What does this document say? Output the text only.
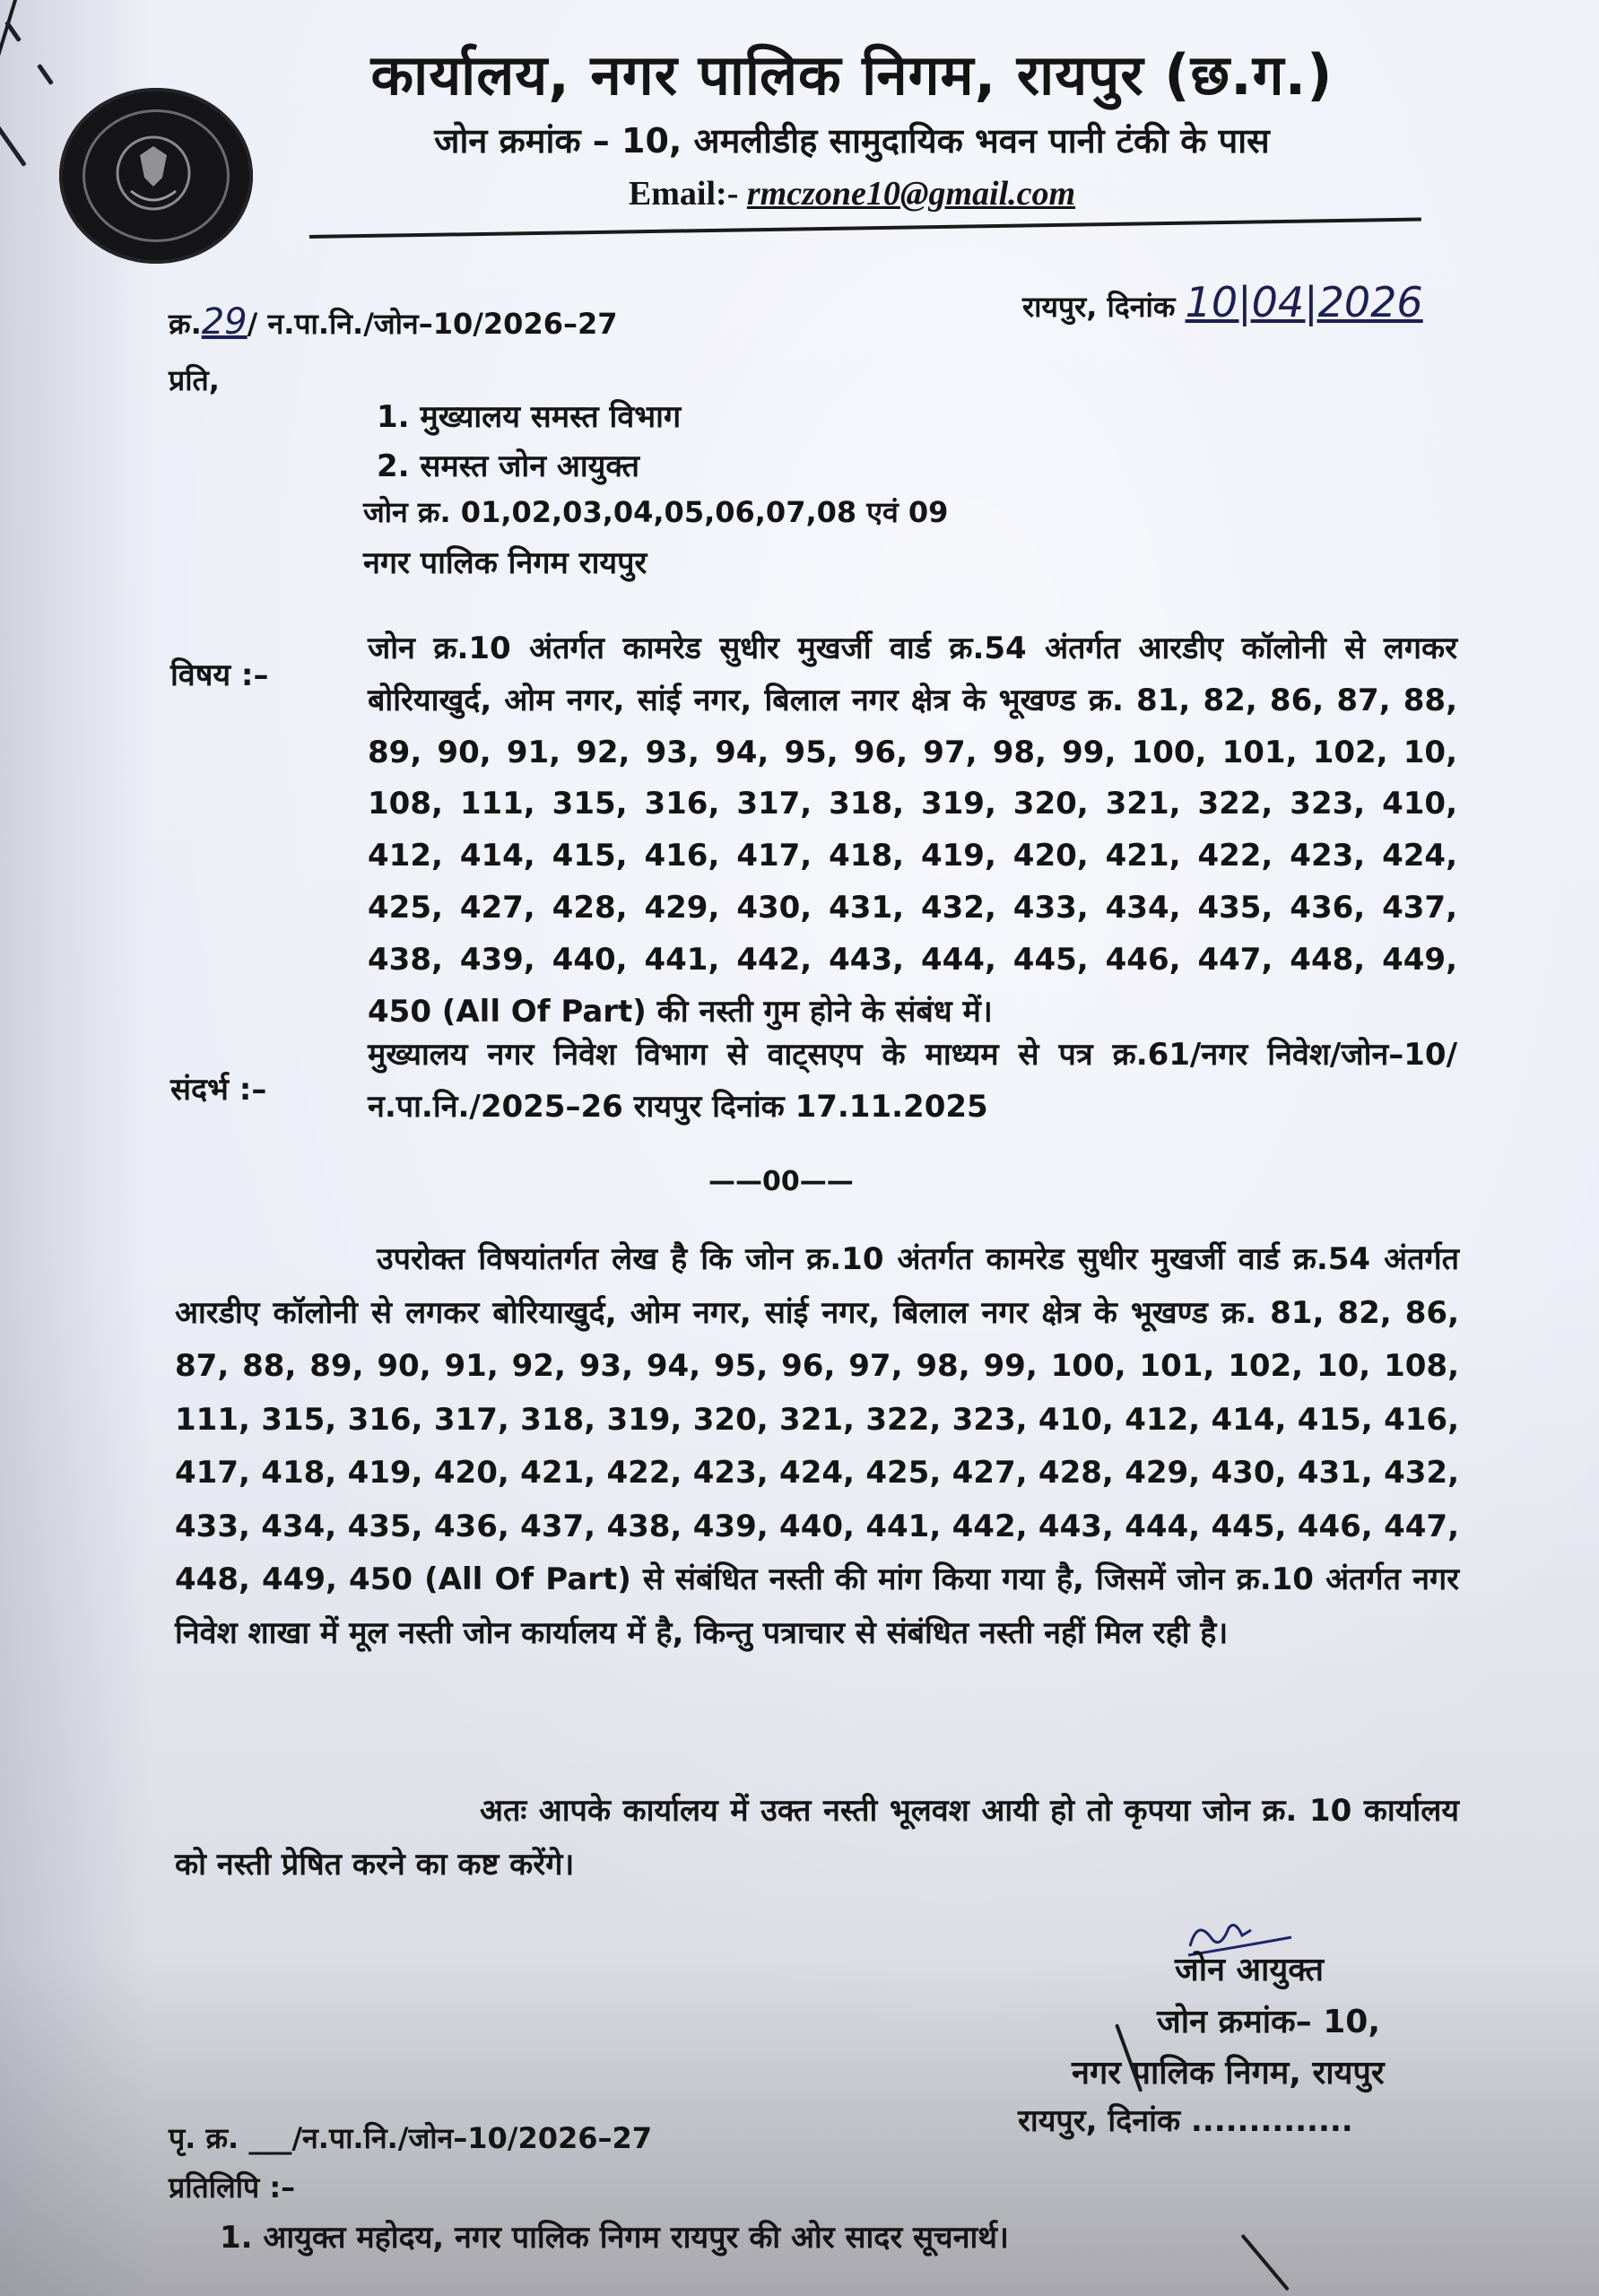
कार्यालय, नगर पालिक निगम, रायपुर (छ.ग.)
जोन क्रमांक – 10, अमलीडीह सामुदायिक भवन पानी टंकी के पास
Email:- rmczone10@gmail.com
क्र.29/ न.पा.नि./जोन–10/2026–27	रायपुर, दिनांक 10|04|2026
प्रति,
1. मुख्यालय समस्त विभाग
2. समस्त जोन आयुक्त
जोन क्र. 01,02,03,04,05,06,07,08 एवं 09
नगर पालिक निगम रायपुर
विषय :–
जोन क्र.10 अंतर्गत कामरेड सुधीर मुखर्जी वार्ड क्र.54 अंतर्गत आरडीए कॉलोनी से लगकर बोरियाखुर्द, ओम नगर, सांई नगर, बिलाल नगर क्षेत्र के भूखण्ड क्र. 81, 82, 86, 87, 88, 89, 90, 91, 92, 93, 94, 95, 96, 97, 98, 99, 100, 101, 102, 10, 108, 111, 315, 316, 317, 318, 319, 320, 321, 322, 323, 410, 412, 414, 415, 416, 417, 418, 419, 420, 421, 422, 423, 424, 425, 427, 428, 429, 430, 431, 432, 433, 434, 435, 436, 437, 438, 439, 440, 441, 442, 443, 444, 445, 446, 447, 448, 449, 450 (All Of Part) की नस्ती गुम होने के संबंध में।
संदर्भ :–
मुख्यालय नगर निवेश विभाग से वाट्सएप के माध्यम से पत्र क्र.61/नगर निवेश/जोन–10/न.पा.नि./2025–26 रायपुर दिनांक 17.11.2025
——00——
उपरोक्त विषयांतर्गत लेख है कि जोन क्र.10 अंतर्गत कामरेड सुधीर मुखर्जी वार्ड क्र.54 अंतर्गत आरडीए कॉलोनी से लगकर बोरियाखुर्द, ओम नगर, सांई नगर, बिलाल नगर क्षेत्र के भूखण्ड क्र. 81, 82, 86, 87, 88, 89, 90, 91, 92, 93, 94, 95, 96, 97, 98, 99, 100, 101, 102, 10, 108, 111, 315, 316, 317, 318, 319, 320, 321, 322, 323, 410, 412, 414, 415, 416, 417, 418, 419, 420, 421, 422, 423, 424, 425, 427, 428, 429, 430, 431, 432, 433, 434, 435, 436, 437, 438, 439, 440, 441, 442, 443, 444, 445, 446, 447, 448, 449, 450 (All Of Part) से संबंधित नस्ती की मांग किया गया है, जिसमें जोन क्र.10 अंतर्गत नगर निवेश शाखा में मूल नस्ती जोन कार्यालय में है, किन्तु पत्राचार से संबंधित नस्ती नहीं मिल रही है।
अतः आपके कार्यालय में उक्त नस्ती भूलवश आयी हो तो कृपया जोन क्र. 10 कार्यालय को नस्ती प्रेषित करने का कष्ट करेंगे।
जोन आयुक्त
जोन क्रमांक– 10,
नगर पालिक निगम, रायपुर
रायपुर, दिनांक ..............
पृ. क्र. ___/न.पा.नि./जोन–10/2026–27
प्रतिलिपि :–
1. आयुक्त महोदय, नगर पालिक निगम रायपुर की ओर सादर सूचनार्थ।
